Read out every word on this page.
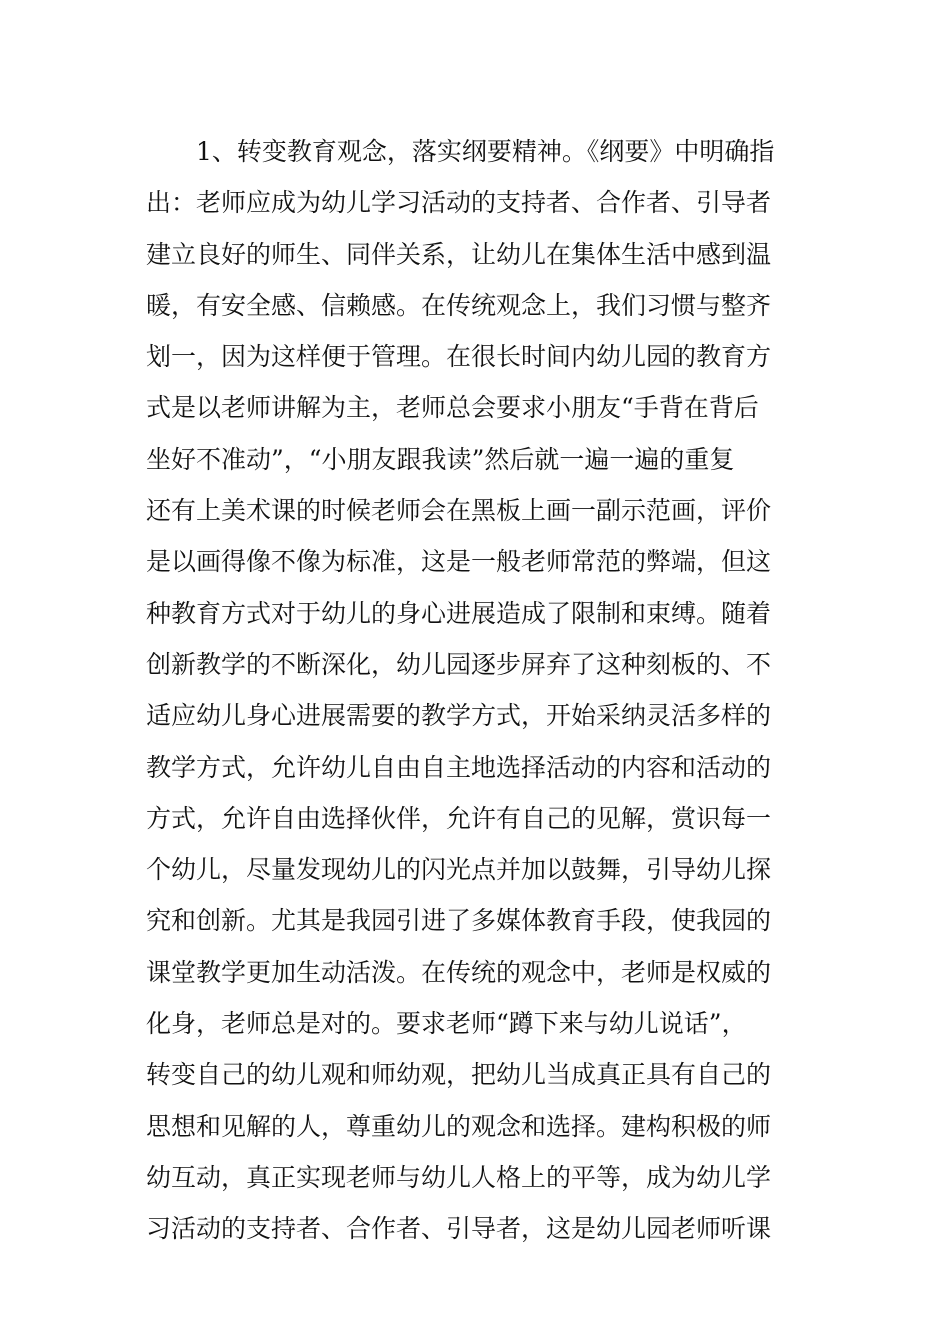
1、转变教育观念，落实纲要精神。《纲要》中明确指
出：老师应成为幼儿学习活动的支持者、合作者、引导者
建立良好的师生、同伴关系，让幼儿在集体生活中感到温
暖，有安全感、信赖感。在传统观念上，我们习惯与整齐
划一，因为这样便于管理。在很长时间内幼儿园的教育方
式是以老师讲解为主，老师总会要求小朋友“手背在背后
坐好不准动”，“小朋友跟我读”然后就一遍一遍的重复
还有上美术课的时候老师会在黑板上画一副示范画，评价
是以画得像不像为标准，这是一般老师常范的弊端，但这
种教育方式对于幼儿的身心进展造成了限制和束缚。随着
创新教学的不断深化，幼儿园逐步屏弃了这种刻板的、不
适应幼儿身心进展需要的教学方式，开始采纳灵活多样的
教学方式，允许幼儿自由自主地选择活动的内容和活动的
方式，允许自由选择伙伴，允许有自己的见解，赏识每一
个幼儿，尽量发现幼儿的闪光点并加以鼓舞，引导幼儿探
究和创新。尤其是我园引进了多媒体教育手段，使我园的
课堂教学更加生动活泼。在传统的观念中，老师是权威的
化身，老师总是对的。要求老师“蹲下来与幼儿说话”，
转变自己的幼儿观和师幼观，把幼儿当成真正具有自己的
思想和见解的人，尊重幼儿的观念和选择。建构积极的师
幼互动，真正实现老师与幼儿人格上的平等，成为幼儿学
习活动的支持者、合作者、引导者，这是幼儿园老师听课
